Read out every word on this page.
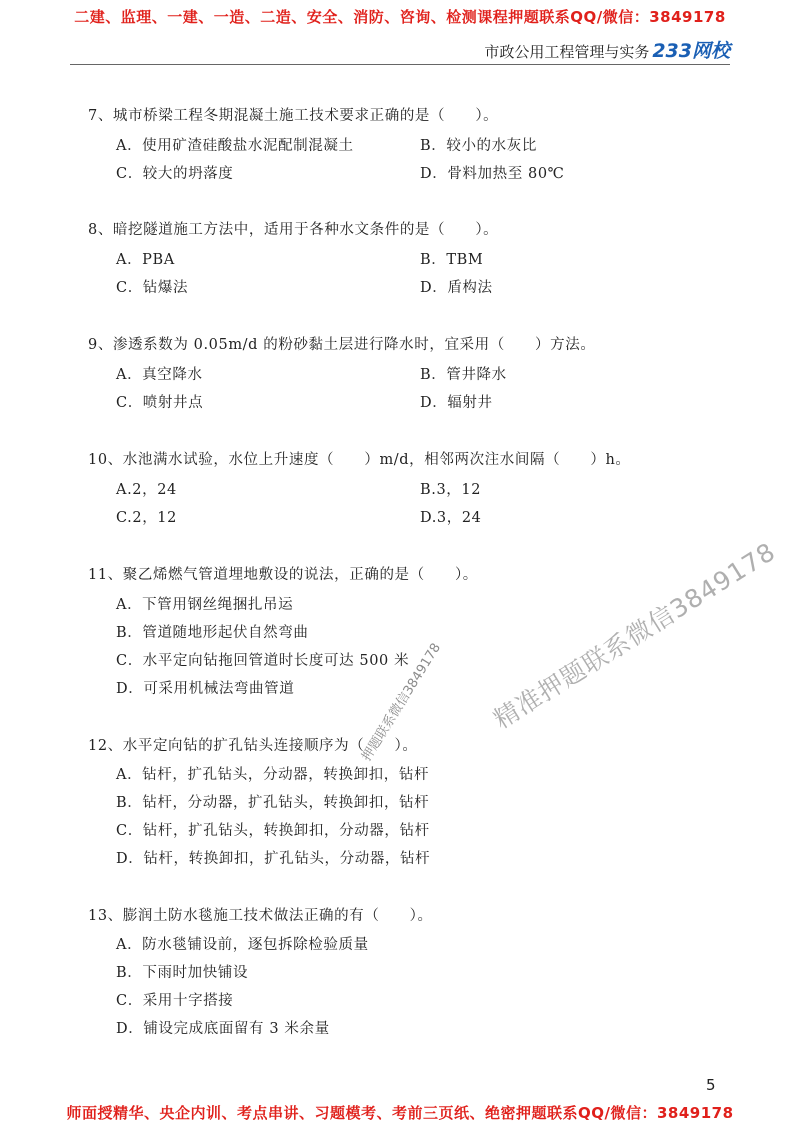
二建、监理、一建、一造、二造、安全、消防、咨询、检测课程押题联系QQ/微信：3849178
市政公用工程管理与实务 233网校
7、城市桥梁工程冬期混凝土施工技术要求正确的是（　　）。
A．使用矿渣硅酸盐水泥配制混凝土	B．较小的水灰比
C．较大的坍落度	D．骨料加热至 80℃
8、暗挖隧道施工方法中，适用于各种水文条件的是（　　）。
A．PBA	B．TBM
C．钻爆法	D．盾构法
9、渗透系数为 0.05m/d 的粉砂黏土层进行降水时，宜采用（　　）方法。
A．真空降水	B．管井降水
C．喷射井点	D．辐射井
10、水池满水试验，水位上升速度（　　）m/d，相邻两次注水间隔（　　）h。
A.2，24	B.3，12
C.2，12	D.3，24
11、聚乙烯燃气管道埋地敷设的说法，正确的是（　　）。
A．下管用钢丝绳捆扎吊运
B．管道随地形起伏自然弯曲
C．水平定向钻拖回管道时长度可达 500 米
D．可采用机械法弯曲管道
12、水平定向钻的扩孔钻头连接顺序为（　　）。
A．钻杆，扩孔钻头，分动器，转换卸扣，钻杆
B．钻杆，分动器，扩孔钻头，转换卸扣，钻杆
C．钻杆，扩孔钻头，转换卸扣，分动器，钻杆
D．钻杆，转换卸扣，扩孔钻头，分动器，钻杆
13、膨润土防水毯施工技术做法正确的有（　　）。
A．防水毯铺设前，逐包拆除检验质量
B．下雨时加快铺设
C．采用十字搭接
D．铺设完成底面留有 3 米余量
精准押题联系微信3849178
押题联系微信3849178
5
师面授精华、央企内训、考点串讲、习题模考、考前三页纸、绝密押题联系QQ/微信：3849178
